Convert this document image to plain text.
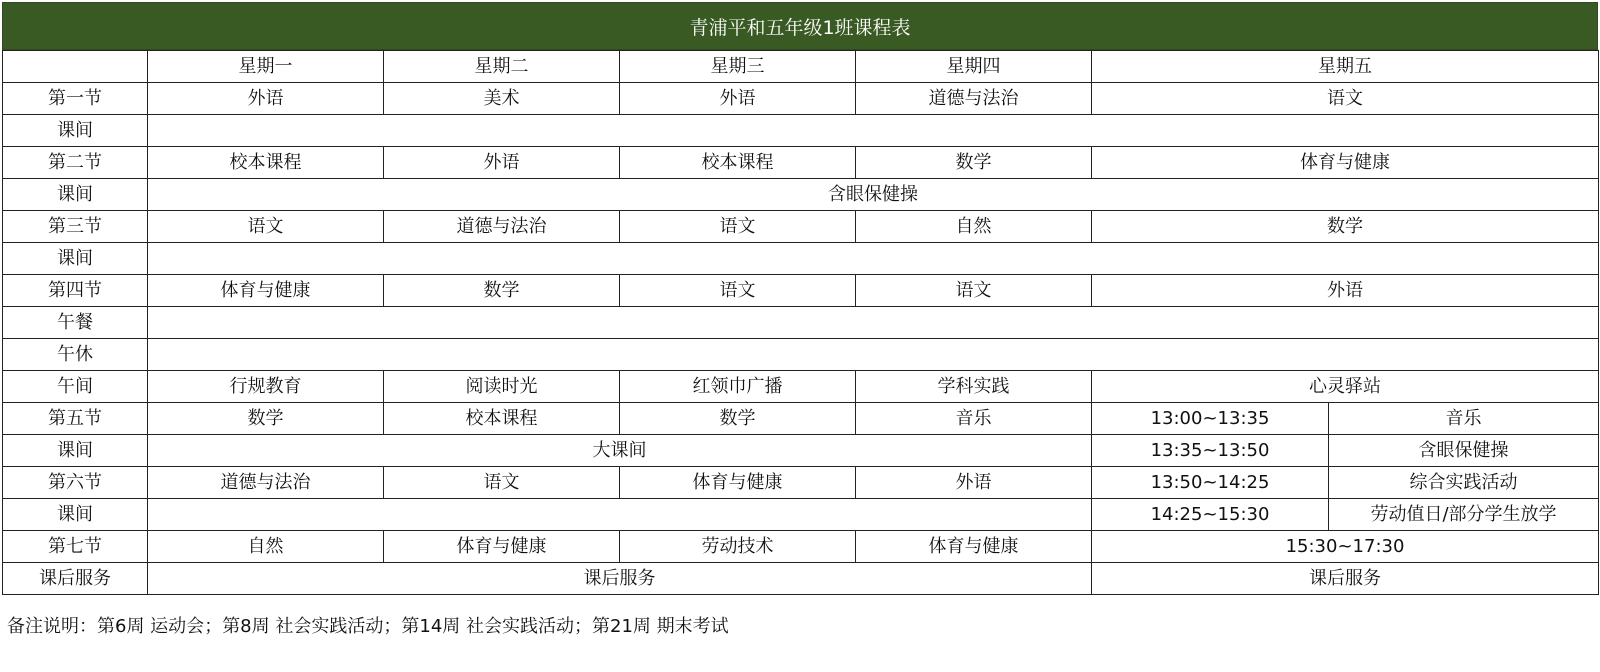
青浦平和五年级1班课程表
	星期一	星期二	星期三	星期四	星期五	
第一节	外语	美术	外语	道德与法治	语文	
课间						
第二节	校本课程	外语	校本课程	数学	体育与健康	
课间	含眼保健操					
第三节	语文	道德与法治	语文	自然	数学	
课间						
第四节	体育与健康	数学	语文	语文	外语	
午餐						
午休						
午间	行规教育	阅读时光	红领巾广播	学科实践	心灵驿站	
第五节	数学	校本课程	数学	音乐	13:00~13:35	音乐
课间	大课间				13:35~13:50	含眼保健操
第六节	道德与法治	语文	体育与健康	外语	13:50~14:25	综合实践活动
课间					14:25~15:30	劳动值日/部分学生放学
第七节	自然	体育与健康	劳动技术	体育与健康	15:30~17:30	
课后服务	课后服务				课后服务	
备注说明：第6周 运动会；第8周 社会实践活动；第14周 社会实践活动；第21周 期末考试
